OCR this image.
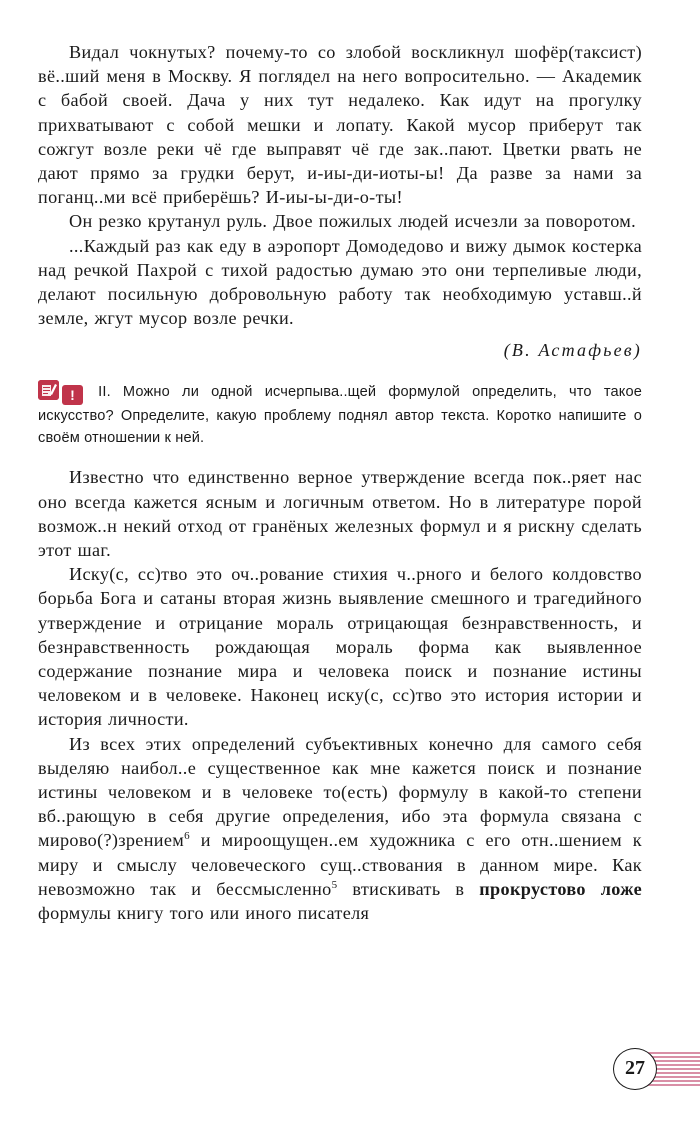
Видал чокнутых? почему-то со злобой воскликнул шофёр(таксист) вё..ший меня в Москву. Я поглядел на него вопросительно. — Академик с бабой своей. Дача у них тут недалеко. Как идут на прогулку прихватывают с собой мешки и лопату. Какой мусор приберут так сожгут возле реки чё где выправят чё где зак..пают. Цветки рвать не дают прямо за грудки берут, и-иы-ди-иоты-ы! Да разве за нами за поганц..ми всё приберёшь? И-иы-ы-ди-о-ты!

Он резко крутанул руль. Двое пожилых людей исчезли за поворотом.

...Каждый раз как еду в аэропорт Домодедово и вижу дымок костерка над речкой Пахрой с тихой радостью думаю это они терпеливые люди, делают посильную добровольную работу так необходимую уставш..й земле, жгут мусор возле речки.

(В. Астафьев)

! II. Можно ли одной исчерпыва..щей формулой определить, что такое искусство? Определите, какую проблему поднял автор текста. Коротко напишите о своём отношении к ней.

Известно что единственно верное утверждение всегда пок..ряет нас оно всегда кажется ясным и логичным ответом. Но в литературе порой возмож..н некий отход от гранёных железных формул и я рискну сделать этот шаг.

Иску(с, сс)тво это оч..рование стихия ч..рного и белого колдовство борьба Бога и сатаны вторая жизнь выявление смешного и трагедийного утверждение и отрицание мораль отрицающая безнравственность, и безнравственность рождающая мораль форма как выявленное содержание познание мира и человека поиск и познание истины человеком и в человеке. Наконец иску(с, сс)тво это история истории и история личности.

Из всех этих определений субъективных конечно для самого себя выделяю наибол..е существенное как мне кажется поиск и познание истины человеком и в человеке то(есть) формулу в какой-то степени вб..рающую в себя другие определения, ибо эта формула связана с мирово(?)зрением$^6$ и мироощущен..ем художника с его отн..шением к миру и смыслу человеческого сущ..ствования в данном мире. Как невозможно так и бессмысленно$^5$ втискивать в прокрустово ложе формулы книгу того или иного писателя

27
